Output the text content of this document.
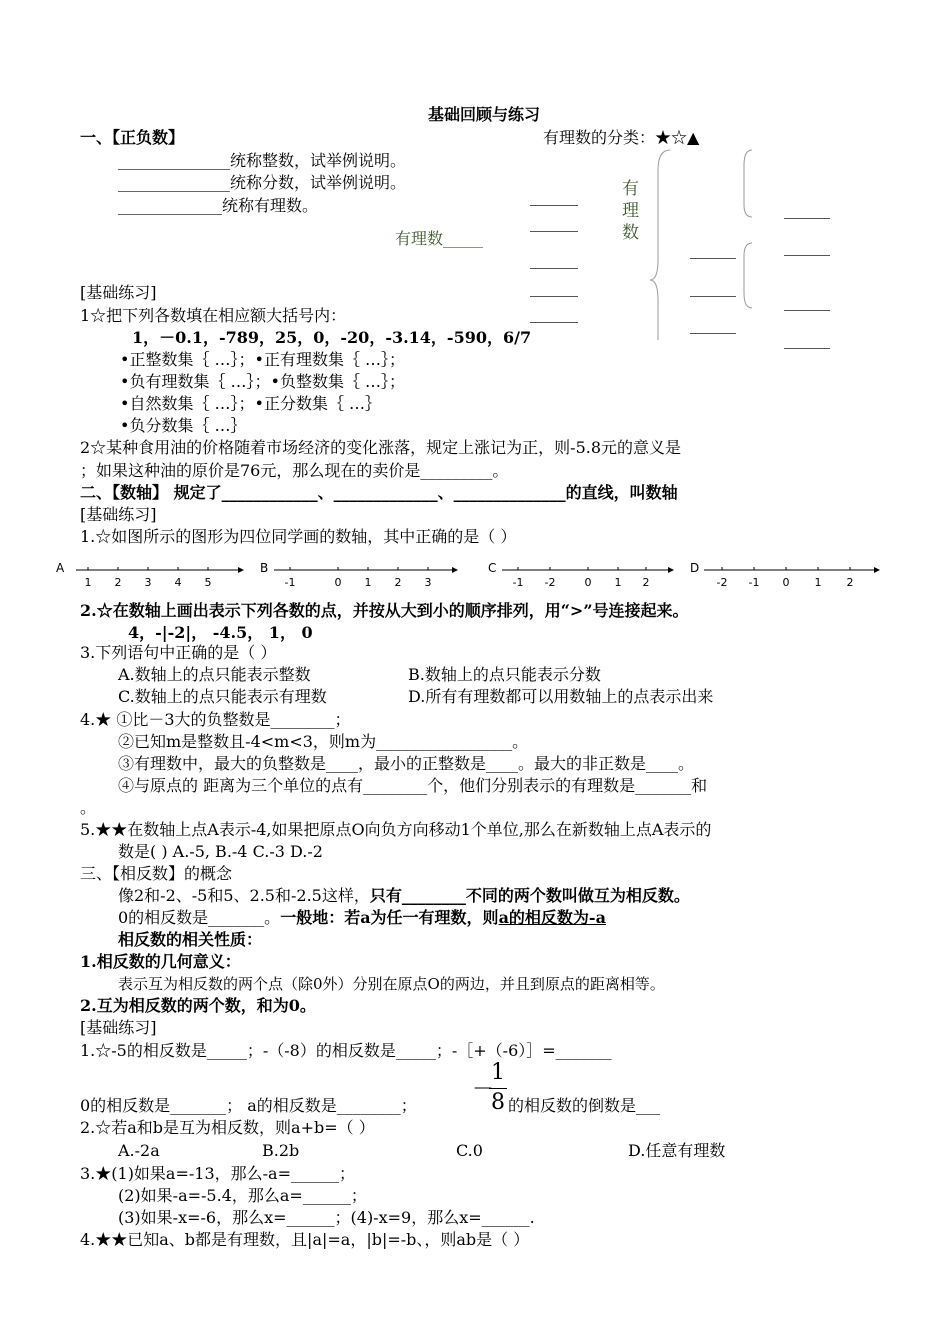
基础回顾与练习
一、【正负数】	有理数的分类：★☆▲
______________统称整数，试举例说明。
______________统称分数，试举例说明。
_____________统称有理数。
有理数_____
有
理
数
[基础练习]
1☆把下列各数填在相应额大括号内：
1，－0.1，-789，25，0，-20，-3.14，-590，6/7
•正整数集｛ …｝；•正有理数集｛ …｝；
•负有理数集｛ …｝；•负整数集｛ …｝；
•自然数集｛ …｝；•正分数集｛ …｝
•负分数集｛ …｝
2☆某种食用油的价格随着市场经济的变化涨落，规定上涨记为正，则-5.8元的意义是
；如果这种油的原价是76元，那么现在的卖价是_________。
二、【数轴】 规定了____________、_____________、______________的直线，叫数轴
[基础练习]
1.☆如图所示的图形为四位同学画的数轴，其中正确的是（ ）
A
1 2 3 4 5
B
-1	0 1 2 3
C
-1 -2	0 1 2
D
-2 -1 0 1 2
2.☆在数轴上画出表示下列各数的点，并按从大到小的顺序排列，用“>”号连接起来。
4，-|-2|， -4.5， 1， 0
3.下列语句中正确的是（ ）
A.数轴上的点只能表示整数	B.数轴上的点只能表示分数
C.数轴上的点只能表示有理数	D.所有有理数都可以用数轴上的点表示出来
4.★ ①比－3大的负整数是________；
②已知m是整数且-4<m<3，则m为_________________。
③有理数中，最大的负整数是____，最小的正整数是____。最大的非正数是____。
④与原点的 距离为三个单位的点有________个，他们分别表示的有理数是_______和
。
5.★★在数轴上点A表示-4,如果把原点O向负方向移动1个单位,那么在新数轴上点A表示的
数是( ) A.-5, B.-4 C.-3 D.-2
三、【相反数】的概念
像2和-2、-5和5、2.5和-2.5这样，只有________不同的两个数叫做互为相反数。
0的相反数是_______。一般地：若a为任一有理数，则a的相反数为-a
相反数的相关性质：
1.相反数的几何意义：
表示互为相反数的两个点（除0外）分别在原点O的两边，并且到原点的距离相等。
2.互为相反数的两个数，和为0。
[基础练习]
1.☆-5的相反数是_____；-（-8）的相反数是_____；-［+（-6）］=_______
－
1
8
0的相反数是_______； a的相反数是________；	的相反数的倒数是___
2.☆若a和b是互为相反数，则a+b=（ ）
A.-2a	B.2b	C.0	D.任意有理数
3.★(1)如果a=-13，那么-a=______；
(2)如果-a=-5.4，那么a=______；
(3)如果-x=-6，那么x=______；(4)-x=9，那么x=______.
4.★★已知a、b都是有理数，且|a|=a，|b|=-b、，则ab是（ ）
